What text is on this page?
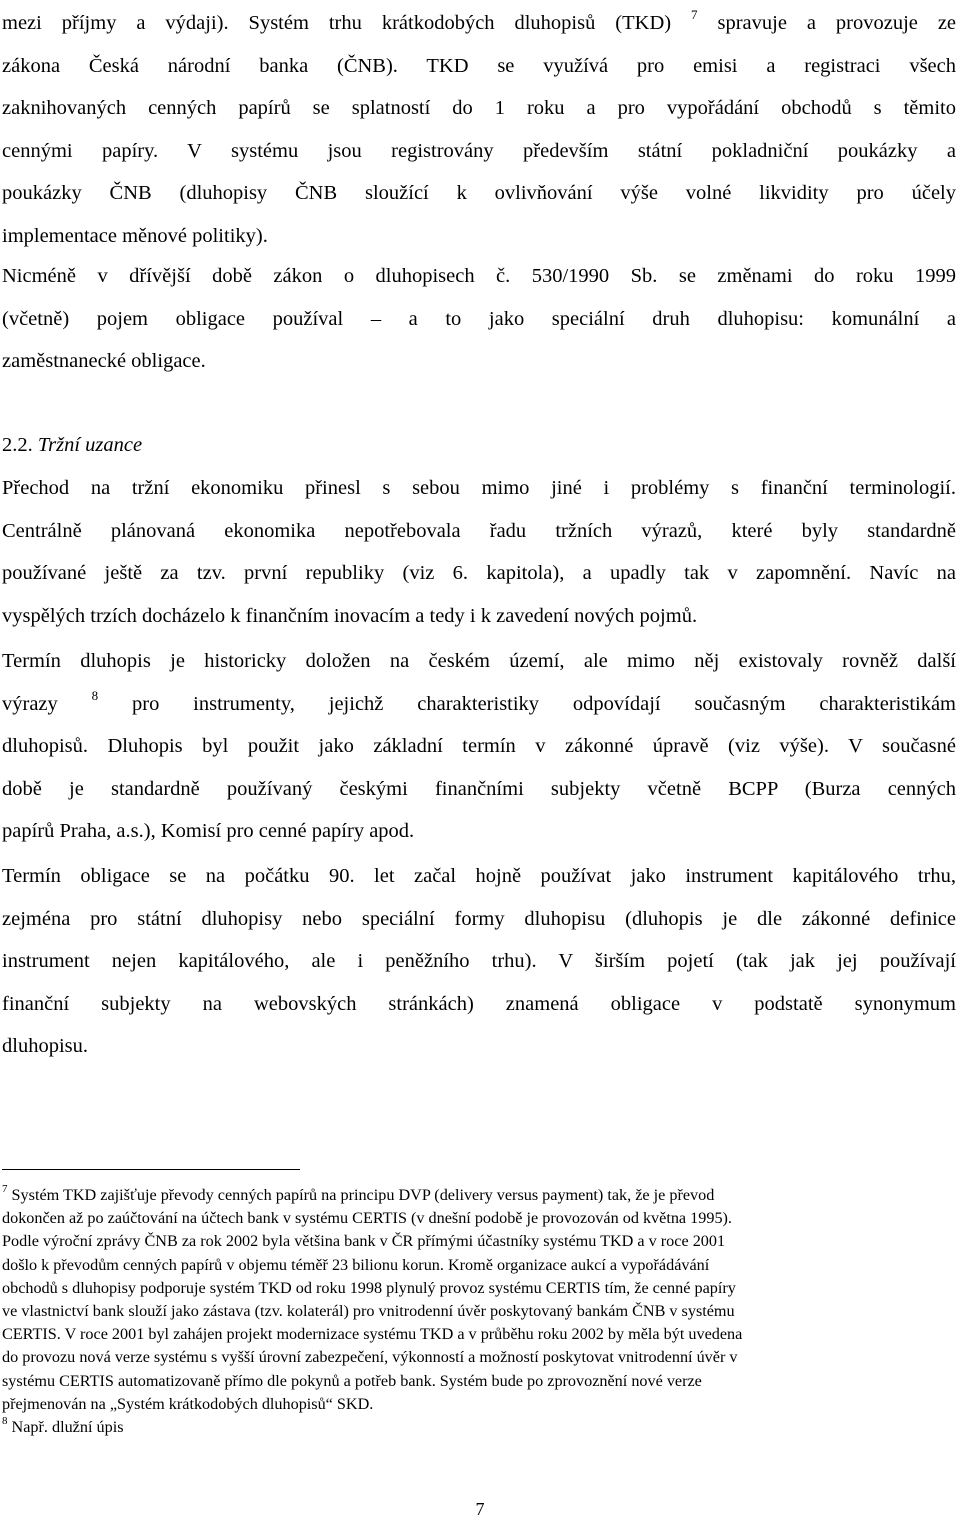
mezi příjmy a výdaji). Systém trhu krátkodobých dluhopisů (TKD) $^7$ spravuje a provozuje ze
zákona Česká národní banka (ČNB). TKD se využívá pro emisi a registraci všech
zaknihovaných cenných papírů se splatností do 1 roku a pro vypořádání obchodů s těmito
cennými papíry. V systému jsou registrovány především státní pokladniční poukázky a
poukázky ČNB (dluhopisy ČNB sloužící k ovlivňování výše volné likvidity pro účely
implementace měnové politiky).
Nicméně v dřívější době zákon o dluhopisech č. 530/1990 Sb. se změnami do roku 1999
(včetně) pojem obligace používal – a to jako speciální druh dluhopisu: komunální a
zaměstnanecké obligace.
2.2. Tržní uzance
Přechod na tržní ekonomiku přinesl s sebou mimo jiné i problémy s finanční terminologií.
Centrálně plánovaná ekonomika nepotřebovala řadu tržních výrazů, které byly standardně
používané ještě za tzv. první republiky (viz 6. kapitola), a upadly tak v zapomnění. Navíc na
vyspělých trzích docházelo k finančním inovacím a tedy i k zavedení nových pojmů.
Termín dluhopis je historicky doložen na českém území, ale mimo něj existovaly rovněž další
výrazy	$^8$ pro instrumenty, jejichž charakteristiky odpovídají současným charakteristikám
dluhopisů. Dluhopis byl použit jako základní termín v zákonné úpravě (viz výše). V současné
době je standardně používaný českými finančními subjekty včetně BCPP (Burza cenných
papírů Praha, a.s.), Komisí pro cenné papíry apod.
Termín obligace se na počátku 90. let začal hojně používat jako instrument kapitálového trhu,
zejména pro státní dluhopisy nebo speciální formy dluhopisu (dluhopis je dle zákonné definice
instrument nejen kapitálového, ale i peněžního trhu). V širším pojetí (tak jak jej používají
finanční subjekty na webovských stránkách) znamená obligace v podstatě synonymum
dluhopisu.
$^7$ Systém TKD zajišťuje převody cenných papírů na principu DVP (delivery versus payment) tak, že je převod
dokončen až po zaúčtování na účtech bank v systému CERTIS (v dnešní podobě je provozován od května 1995).
Podle výroční zprávy ČNB za rok 2002 byla většina bank v ČR přímými účastníky systému TKD a v roce 2001
došlo k převodům cenných papírů v objemu téměř 23 bilionu korun. Kromě organizace aukcí a vypořádávání
obchodů s dluhopisy podporuje systém TKD od roku 1998 plynulý provoz systému CERTIS tím, že cenné papíry
ve vlastnictví bank slouží jako zástava (tzv. kolaterál) pro vnitrodenní úvěr poskytovaný bankám ČNB v systému
CERTIS. V roce 2001 byl zahájen projekt modernizace systému TKD a v průběhu roku 2002 by měla být uvedena
do provozu nová verze systému s vyšší úrovní zabezpečení, výkonností a možností poskytovat vnitrodenní úvěr v
systému CERTIS automatizovaně přímo dle pokynů a potřeb bank. Systém bude po zprovoznění nové verze
přejmenován na „Systém krátkodobých dluhopisů“ SKD.
$^8$ Např. dlužní úpis
7
